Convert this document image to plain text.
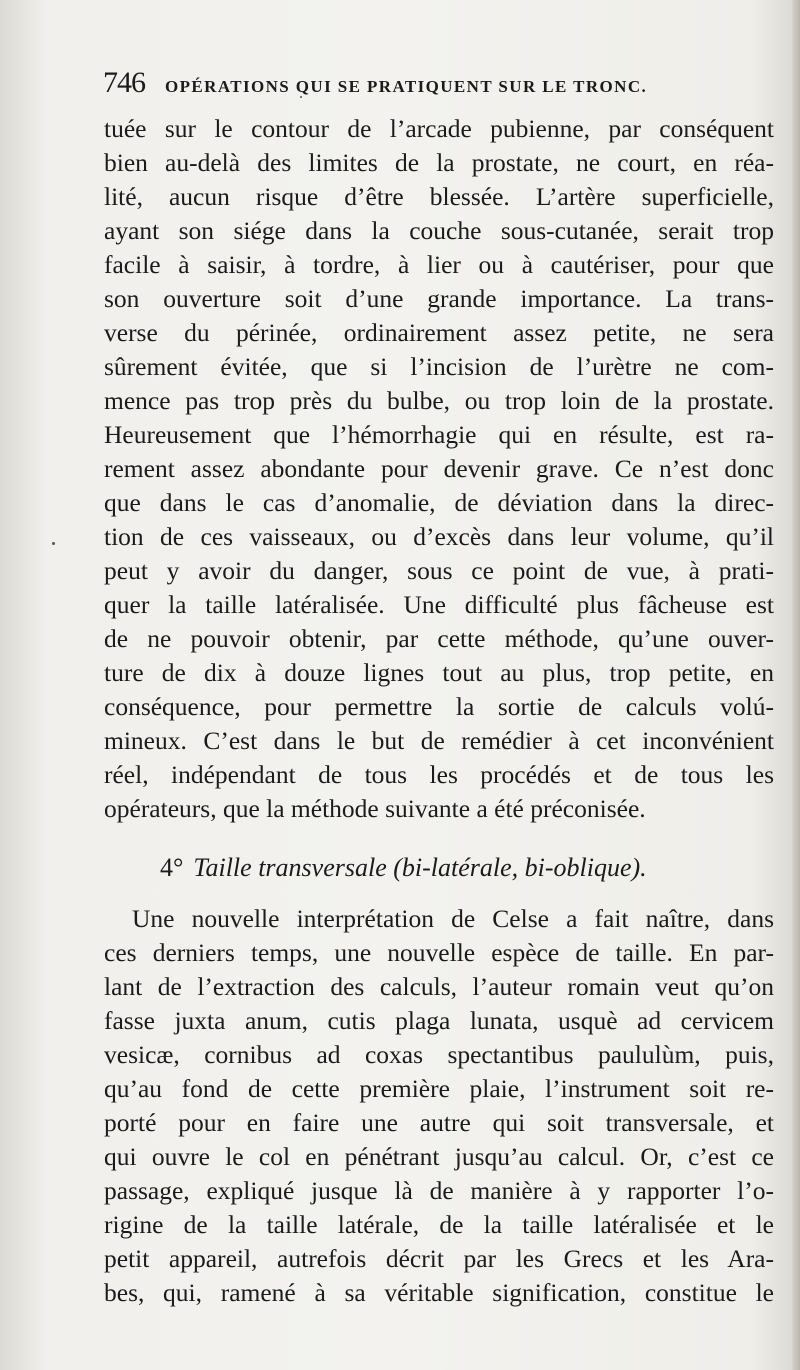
746 OPÉRATIONS QUI SE PRATIQUENT SUR LE TRONC.

tuée sur le contour de l’arcade pubienne, par conséquent

bien au-delà des limites de la prostate, ne court, en réa-

lité, aucun risque d’être blessée. L’artère superficielle,

ayant son siége dans la couche sous-cutanée, serait trop

facile à saisir, à tordre, à lier ou à cautériser, pour que

son ouverture soit d’une grande importance. La trans-

verse du périnée, ordinairement assez petite, ne sera

sûrement évitée, que si l’incision de l’urètre ne com-

mence pas trop près du bulbe, ou trop loin de la prostate.

Heureusement que l’hémorrhagie qui en résulte, est ra-

rement assez abondante pour devenir grave. Ce n’est donc

que dans le cas d’anomalie, de déviation dans la direc-

tion de ces vaisseaux, ou d’excès dans leur volume, qu’il

peut y avoir du danger, sous ce point de vue, à prati-

quer la taille latéralisée. Une difficulté plus fâcheuse est

de ne pouvoir obtenir, par cette méthode, qu’une ouver-

ture de dix à douze lignes tout au plus, trop petite, en

conséquence, pour permettre la sortie de calculs volú-

mineux. C’est dans le but de remédier à cet inconvénient

réel, indépendant de tous les procédés et de tous les

opérateurs, que la méthode suivante a été préconisée.

4° Taille transversale (bi-latérale, bi-oblique).

Une nouvelle interprétation de Celse a fait naître, dans

ces derniers temps, une nouvelle espèce de taille. En par-

lant de l’extraction des calculs, l’auteur romain veut qu’on

fasse juxta anum, cutis plaga lunata, usquè ad cervicem

vesicæ, cornibus ad coxas spectantibus paululùm, puis,

qu’au fond de cette première plaie, l’instrument soit re-

porté pour en faire une autre qui soit transversale, et

qui ouvre le col en pénétrant jusqu’au calcul. Or, c’est ce

passage, expliqué jusque là de manière à y rapporter l’o-

rigine de la taille latérale, de la taille latéralisée et le

petit appareil, autrefois décrit par les Grecs et les Ara-

bes, qui, ramené à sa véritable signification, constitue le
